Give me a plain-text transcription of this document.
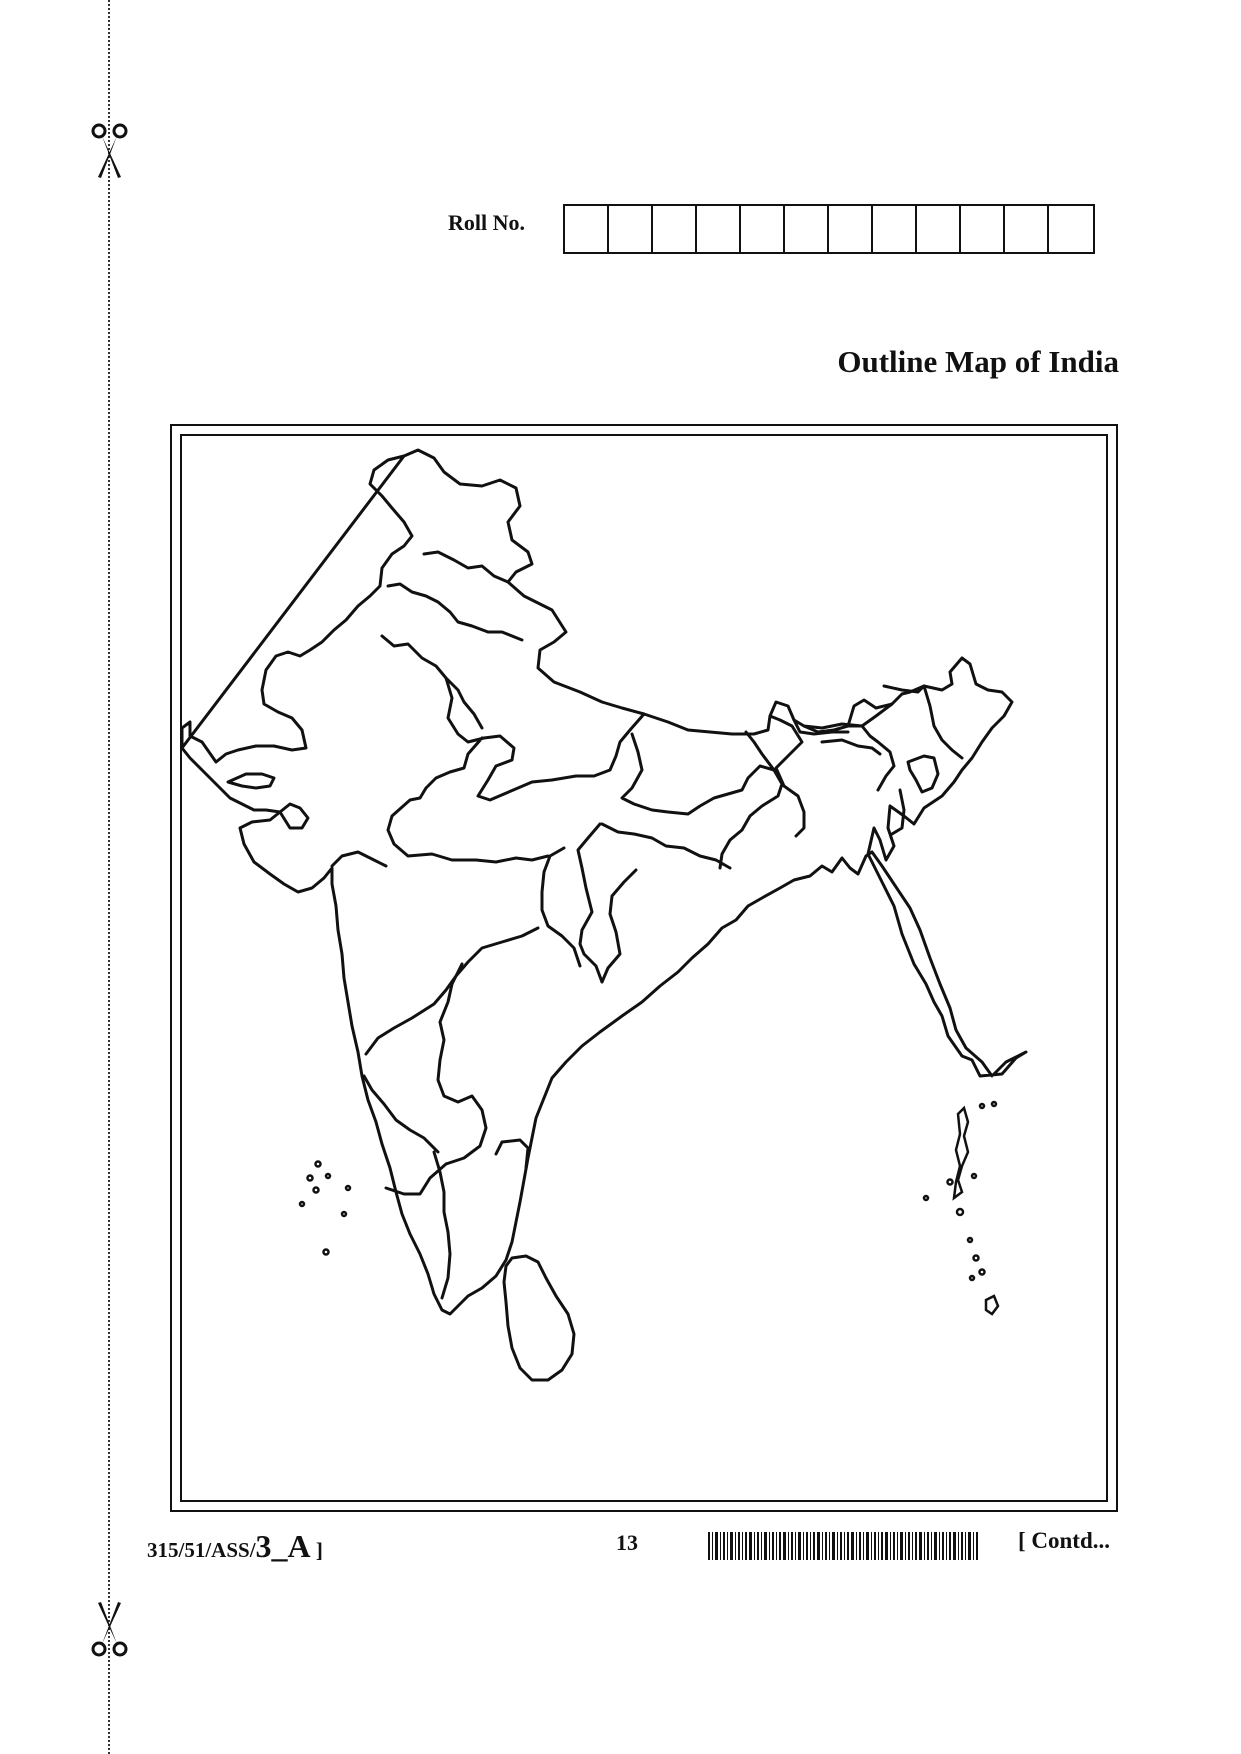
Roll No.
Outline Map of India
315/51/ASS/3_A ]	13	[ Contd...
